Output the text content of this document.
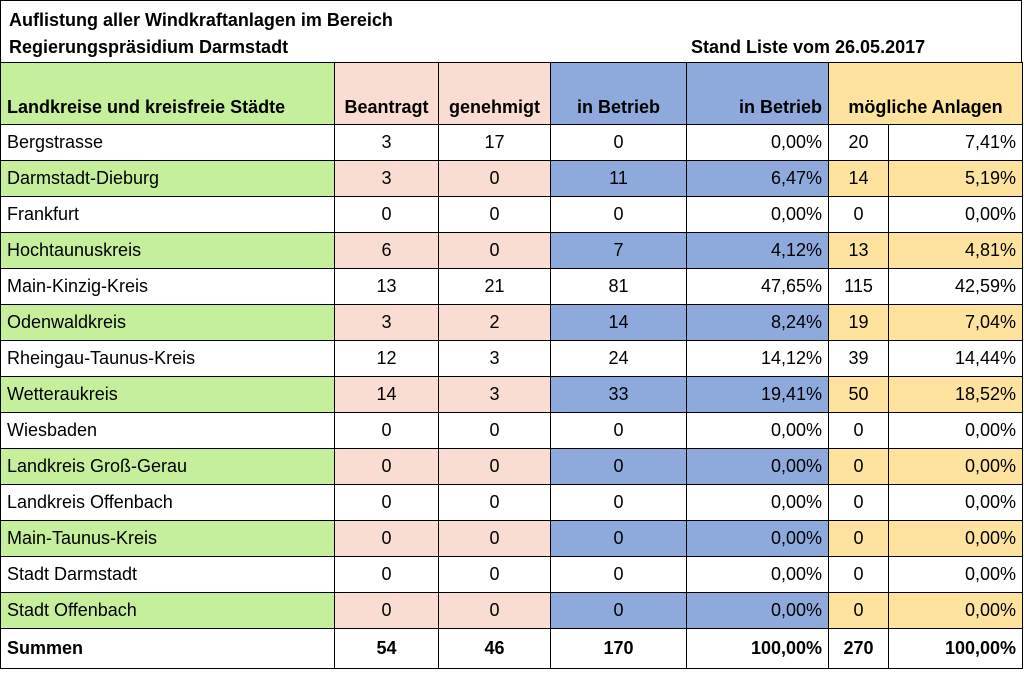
Auflistung aller Windkraftanlagen im Bereich
Regierungspräsidium Darmstadt	Stand Liste vom 26.05.2017
Landkreise und kreisfreie Städte	Beantragt	genehmigt	in Betrieb	in Betrieb	mögliche Anlagen	
Bergstrasse	3	17	0	0,00%	20	7,41%
Darmstadt-Dieburg	3	0	11	6,47%	14	5,19%
Frankfurt	0	0	0	0,00%	0	0,00%
Hochtaunuskreis	6	0	7	4,12%	13	4,81%
Main-Kinzig-Kreis	13	21	81	47,65%	115	42,59%
Odenwaldkreis	3	2	14	8,24%	19	7,04%
Rheingau-Taunus-Kreis	12	3	24	14,12%	39	14,44%
Wetteraukreis	14	3	33	19,41%	50	18,52%
Wiesbaden	0	0	0	0,00%	0	0,00%
Landkreis Groß-Gerau	0	0	0	0,00%	0	0,00%
Landkreis Offenbach	0	0	0	0,00%	0	0,00%
Main-Taunus-Kreis	0	0	0	0,00%	0	0,00%
Stadt Darmstadt	0	0	0	0,00%	0	0,00%
Stadt Offenbach	0	0	0	0,00%	0	0,00%
Summen	54	46	170	100,00%	270	100,00%
